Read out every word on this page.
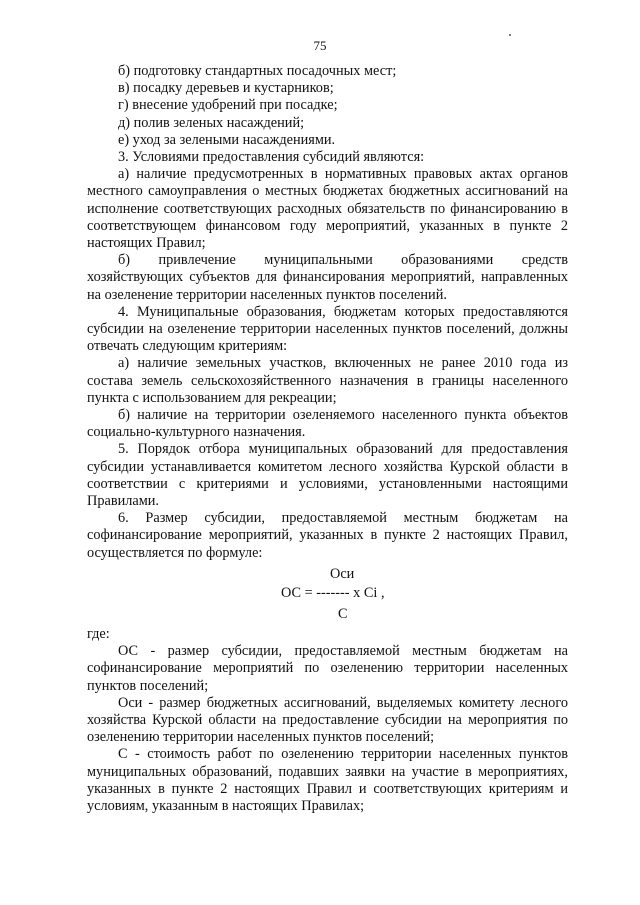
75

б) подготовку стандартных посадочных мест;

в) посадку деревьев и кустарников;

г) внесение удобрений при посадке;

д) полив зеленых насаждений;

е) уход за зелеными насаждениями.

3. Условиями предоставления субсидий являются:

а) наличие предусмотренных в нормативных правовых актах органов местного самоуправления о местных бюджетах бюджетных ассигнований на исполнение соответствующих расходных обязательств по финансированию в соответствующем финансовом году мероприятий, указанных в пункте 2 настоящих Правил;

б) привлечение муниципальными образованиями средств хозяйствующих субъектов для финансирования мероприятий, направленных на озеленение территории населенных пунктов поселений.

4. Муниципальные образования, бюджетам которых предоставляются субсидии на озеленение территории населенных пунктов поселений, должны отвечать следующим критериям:

а) наличие земельных участков, включенных не ранее 2010 года из состава земель сельскохозяйственного назначения в границы населенного пункта с использованием для рекреации;

б) наличие на территории озеленяемого населенного пункта объектов социально-культурного назначения.

5. Порядок отбора муниципальных образований для предоставления субсидии устанавливается комитетом лесного хозяйства Курской области в соответствии с критериями и условиями, установленными настоящими Правилами.

6. Размер субсидии, предоставляемой местным бюджетам на софинансирование мероприятий, указанных в пункте 2 настоящих Правил, осуществляется по формуле:

Оси
ОС = ------- х Сi ,
С

где:

ОС - размер субсидии, предоставляемой местным бюджетам на софинансирование мероприятий по озеленению территории населенных пунктов поселений;

Оси - размер бюджетных ассигнований, выделяемых комитету лесного хозяйства Курской области на предоставление субсидии на мероприятия по озеленению территории населенных пунктов поселений;

С - стоимость работ по озеленению территории населенных пунктов муниципальных образований, подавших заявки на участие в мероприятиях, указанных в пункте 2 настоящих Правил и соответствующих критериям и условиям, указанным в настоящих Правилах;
